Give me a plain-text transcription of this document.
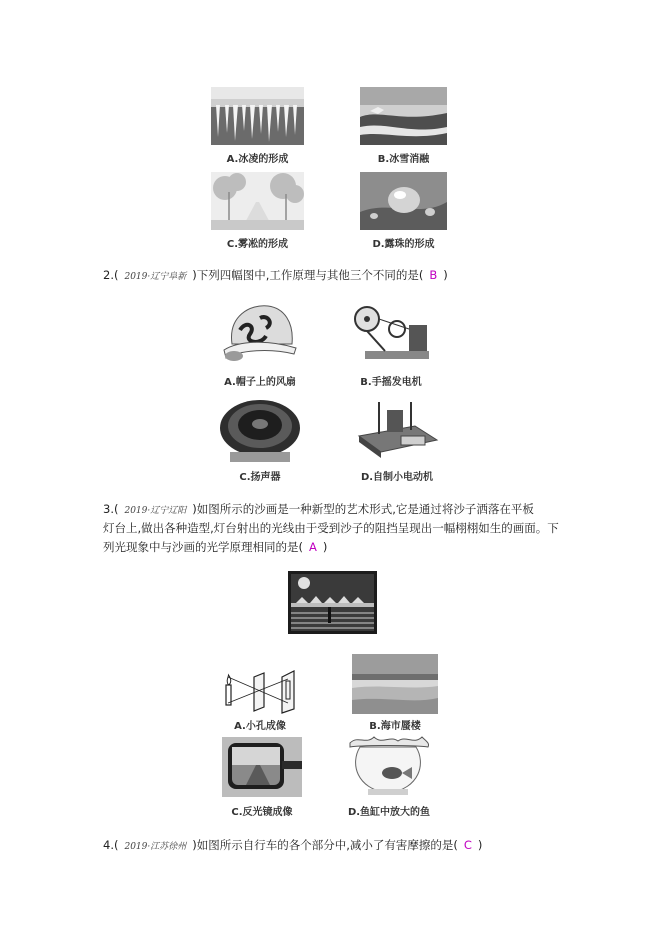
A.冰凌的形成	B.冰雪消融
C.雾凇的形成	D.露珠的形成
2.( 2019·辽宁阜新 )下列四幅图中,工作原理与其他三个不同的是( B )
A.帽子上的风扇	B.手摇发电机
C.扬声器	D.自制小电动机
3.( 2019·辽宁辽阳 )如图所示的沙画是一种新型的艺术形式,它是通过将沙子洒落在平板
灯台上,做出各种造型,灯台射出的光线由于受到沙子的阻挡呈现出一幅栩栩如生的画面。下
列光现象中与沙画的光学原理相同的是( A )
A.小孔成像	B.海市蜃楼
C.反光镜成像	D.鱼缸中放大的鱼
4.( 2019·江苏徐州 )如图所示自行车的各个部分中,减小了有害摩擦的是( C )
